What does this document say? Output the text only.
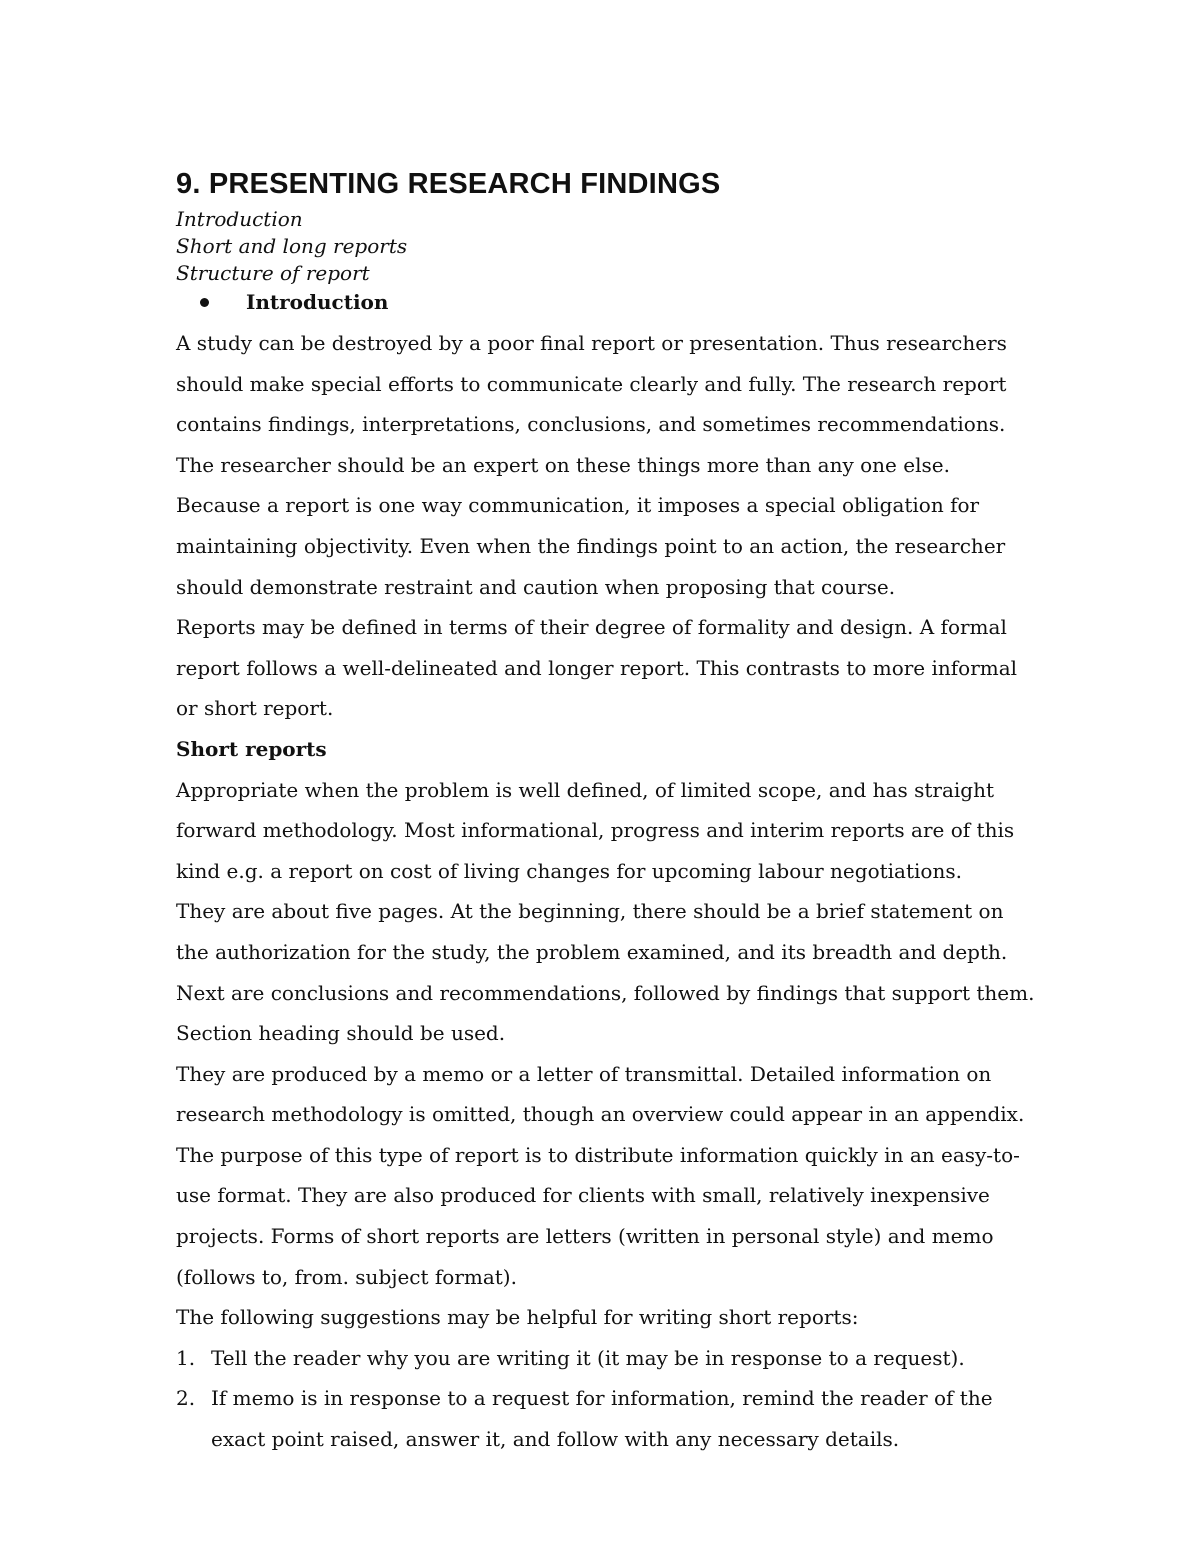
9. PRESENTING RESEARCH FINDINGS
Introduction
Short and long reports
Structure of report
Introduction

A study can be destroyed by a poor final report or presentation. Thus researchers should make special efforts to communicate clearly and fully. The research report contains findings, interpretations, conclusions, and sometimes recommendations. The researcher should be an expert on these things more than any one else.

Because a report is one way communication, it imposes a special obligation for maintaining objectivity. Even when the findings point to an action, the researcher should demonstrate restraint and caution when proposing that course.

Reports may be defined in terms of their degree of formality and design. A formal report follows a well-delineated and longer report. This contrasts to more informal or short report.

Short reports

Appropriate when the problem is well defined, of limited scope, and has straight forward methodology. Most informational, progress and interim reports are of this kind e.g. a report on cost of living changes for upcoming labour negotiations.

They are about five pages. At the beginning, there should be a brief statement on the authorization for the study, the problem examined, and its breadth and depth. Next are conclusions and recommendations, followed by findings that support them. Section heading should be used.

They are produced by a memo or a letter of transmittal. Detailed information on research methodology is omitted, though an overview could appear in an appendix. The purpose of this type of report is to distribute information quickly in an easy-to-use format. They are also produced for clients with small, relatively inexpensive projects. Forms of short reports are letters (written in personal style) and memo (follows to, from. subject format).

The following suggestions may be helpful for writing short reports:

1. Tell the reader why you are writing it (it may be in response to a request).
2. If memo is in response to a request for information, remind the reader of the exact point raised, answer it, and follow with any necessary details.
